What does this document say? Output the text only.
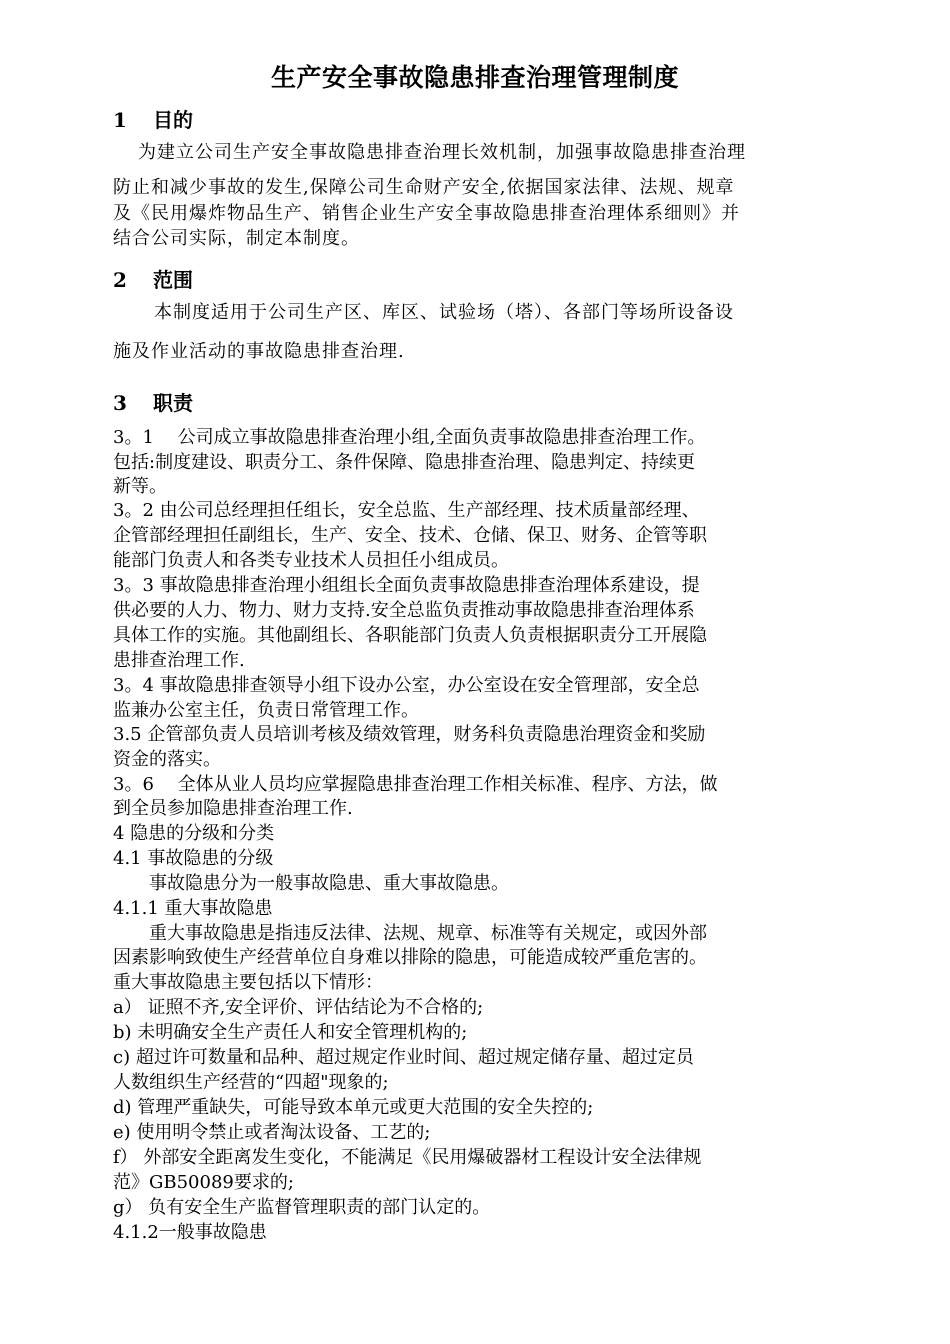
生产安全事故隐患排查治理管理制度
1 目的
为建立公司生产安全事故隐患排查治理长效机制，加强事故隐患排查治理
防止和减少事故的发生,保障公司生命财产安全,依据国家法律、法规、规章
及《民用爆炸物品生产、销售企业生产安全事故隐患排查治理体系细则》并
结合公司实际，制定本制度。
2 范围
本制度适用于公司生产区、库区、试验场（塔）、各部门等场所设备设
施及作业活动的事故隐患排查治理.
3 职责
3。1　 公司成立事故隐患排查治理小组,全面负责事故隐患排查治理工作。
包括:制度建设、职责分工、条件保障、隐患排查治理、隐患判定、持续更
新等。
3。2 由公司总经理担任组长，安全总监、生产部经理、技术质量部经理、
企管部经理担任副组长，生产、安全、技术、仓储、保卫、财务、企管等职
能部门负责人和各类专业技术人员担任小组成员。
3。3 事故隐患排查治理小组组长全面负责事故隐患排查治理体系建设，提
供必要的人力、物力、财力支持.安全总监负责推动事故隐患排查治理体系
具体工作的实施。其他副组长、各职能部门负责人负责根据职责分工开展隐
患排查治理工作.
3。4 事故隐患排查领导小组下设办公室，办公室设在安全管理部，安全总
监兼办公室主任，负责日常管理工作。
3.5 企管部负责人员培训考核及绩效管理，财务科负责隐患治理资金和奖励
资金的落实。
3。6　 全体从业人员均应掌握隐患排查治理工作相关标准、程序、方法，做
到全员参加隐患排查治理工作.
4 隐患的分级和分类
4.1 事故隐患的分级
　　事故隐患分为一般事故隐患、重大事故隐患。
4.1.1 重大事故隐患
　　重大事故隐患是指违反法律、法规、规章、标准等有关规定，或因外部
因素影响致使生产经营单位自身难以排除的隐患，可能造成较严重危害的。
重大事故隐患主要包括以下情形：
a） 证照不齐,安全评价、评估结论为不合格的;
b) 未明确安全生产责任人和安全管理机构的;
c) 超过许可数量和品种、超过规定作业时间、超过规定储存量、超过定员
人数组织生产经营的“四超"现象的;
d) 管理严重缺失，可能导致本单元或更大范围的安全失控的;
e) 使用明令禁止或者淘汰设备、工艺的;
f） 外部安全距离发生变化，不能满足《民用爆破器材工程设计安全法律规
范》GB50089要求的;
g） 负有安全生产监督管理职责的部门认定的。
4.1.2一般事故隐患
